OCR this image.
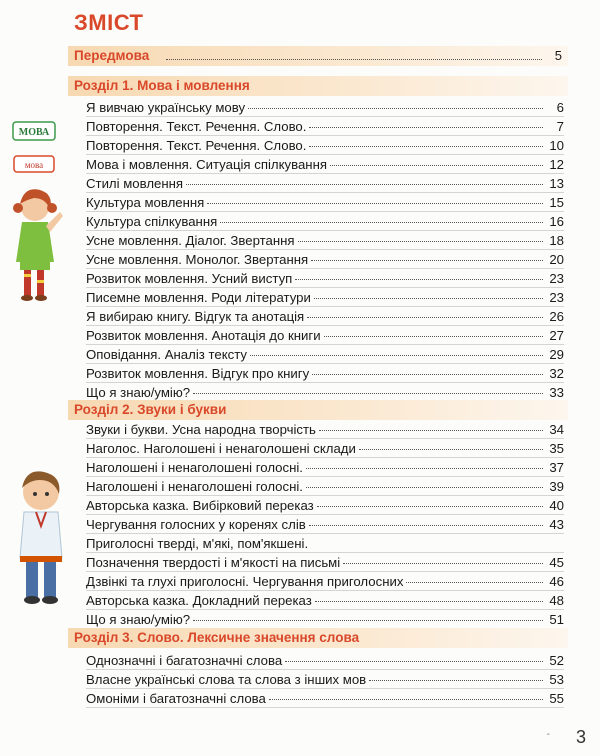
ЗМІСТ
Передмова	5
Розділ 1. Мова і мовлення
Я вивчаю українську мову	6
Повторення. Текст. Речення. Слово.	7
Повторення. Текст. Речення. Слово.	10
Мова і мовлення. Ситуація спілкування	12
Стилі мовлення	13
Культура мовлення	15
Культура спілкування	16
Усне мовлення. Діалог. Звертання	18
Усне мовлення. Монолог. Звертання	20
Розвиток мовлення. Усний виступ	23
Писемне мовлення. Роди літератури	23
Я вибираю книгу. Відгук та анотація	26
Розвиток мовлення. Анотація до книги	27
Оповідання. Аналіз тексту	29
Розвиток мовлення. Відгук про книгу	32
Що я знаю/умію?	33
Розділ 2. Звуки і букви
Звуки і букви. Усна народна творчість	34
Наголос. Наголошені і ненаголошені склади	35
Наголошені і ненаголошені голосні.	37
Наголошені і ненаголошені голосні.	39
Авторська казка. Вибірковий переказ	40
Чергування голосних у коренях слів	43
Приголосні тверді, м'які, пом'якшені.
Позначення твердості і м'якості на письмі	45
Дзвінкі та глухі приголосні. Чергування приголосних	46
Авторська казка. Докладний переказ	48
Що я знаю/умію?	51
Розділ 3. Слово. Лексичне значення слова
Однозначні і багатозначні слова	52
Власне українські слова та слова з інших мов	53
Омоніми і багатозначні слова	55
МОВА
мова
- 3
